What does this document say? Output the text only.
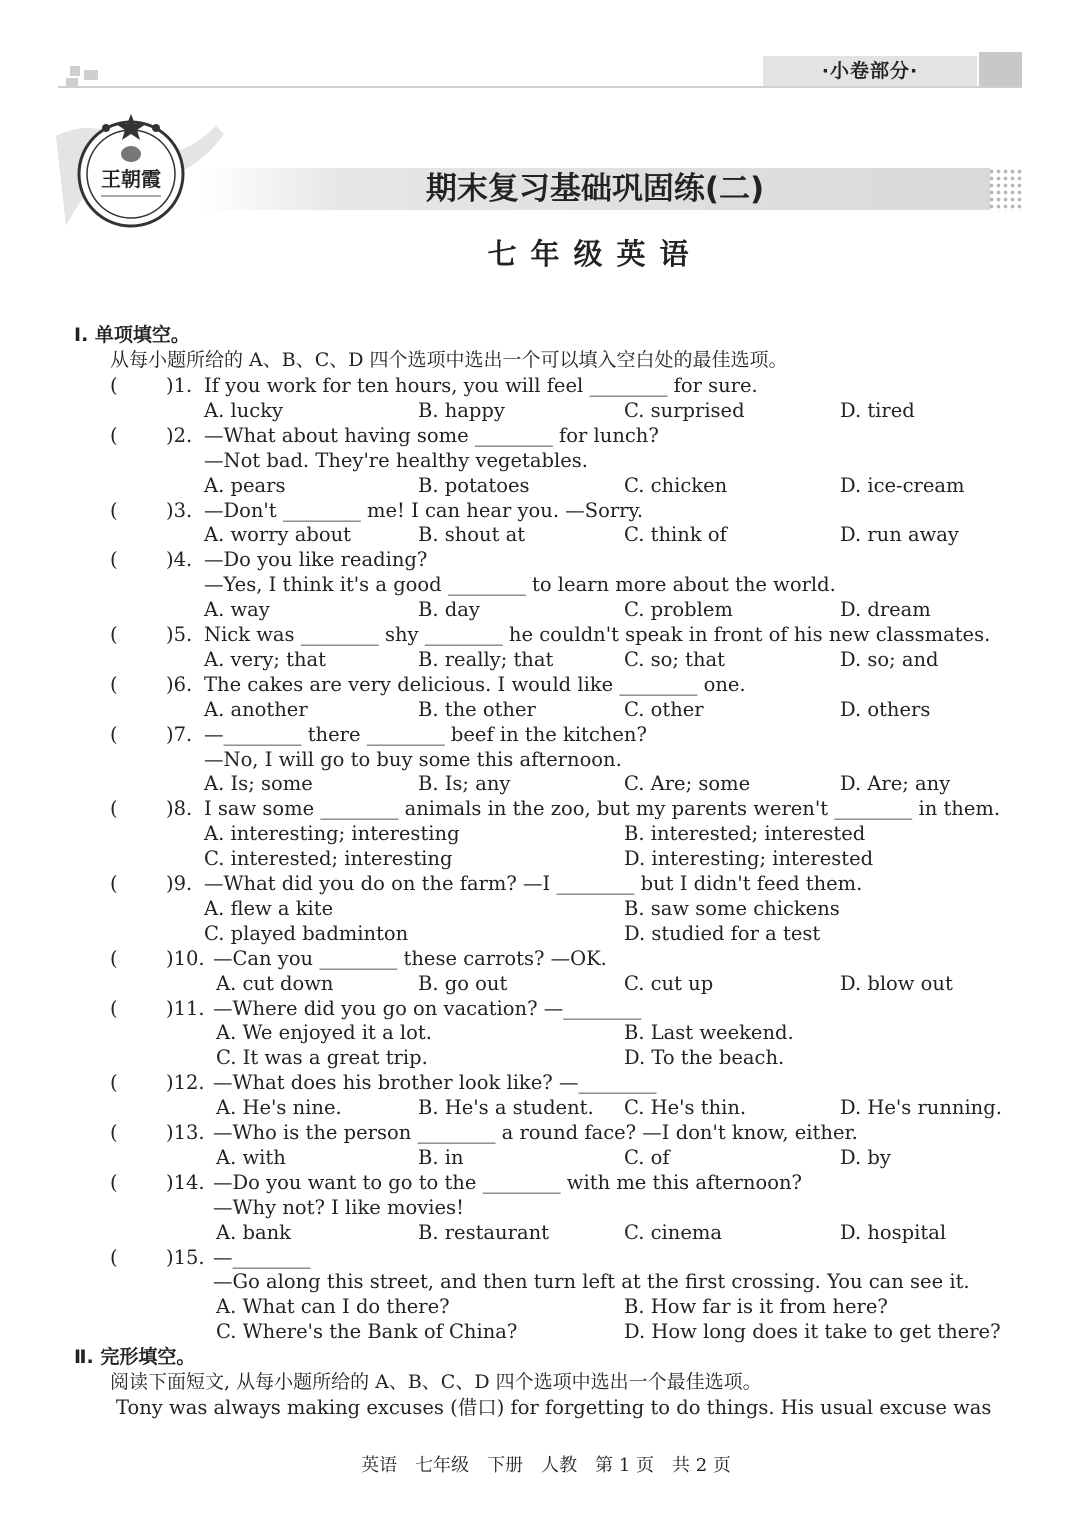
·小卷部分·
王朝霞	期末复习基础巩固练(二)
七年级英语
Ⅰ. 单项填空。
从每小题所给的 A、B、C、D 四个选项中选出一个可以填入空白处的最佳选项。
( )1. If you work for ten hours, you will feel ________ for sure.
A. lucky	B. happy	C. surprised	D. tired
( )2. —What about having some ________ for lunch?
—Not bad. They're healthy vegetables.
A. pears	B. potatoes	C. chicken	D. ice-cream
( )3. —Don't ________ me! I can hear you. —Sorry.
A. worry about	B. shout at	C. think of	D. run away
( )4. —Do you like reading?
—Yes, I think it's a good ________ to learn more about the world.
A. way	B. day	C. problem	D. dream
( )5. Nick was ________ shy ________ he couldn't speak in front of his new classmates.
A. very; that	B. really; that	C. so; that	D. so; and
( )6. The cakes are very delicious. I would like ________ one.
A. another	B. the other	C. other	D. others
( )7. —________ there ________ beef in the kitchen?
—No, I will go to buy some this afternoon.
A. Is; some	B. Is; any	C. Are; some	D. Are; any
( )8. I saw some ________ animals in the zoo, but my parents weren't ________ in them.
A. interesting; interesting	B. interested; interested
C. interested; interesting	D. interesting; interested
( )9. —What did you do on the farm? —I ________ but I didn't feed them.
A. flew a kite	B. saw some chickens
C. played badminton	D. studied for a test
( )10. —Can you ________ these carrots? —OK.
A. cut down	B. go out	C. cut up	D. blow out
( )11. —Where did you go on vacation? —________
A. We enjoyed it a lot.	B. Last weekend.
C. It was a great trip.	D. To the beach.
( )12. —What does his brother look like? —________
A. He's nine.	B. He's a student. C. He's thin.	D. He's running.
( )13. —Who is the person ________ a round face? —I don't know, either.
A. with	B. in	C. of	D. by
( )14. —Do you want to go to the ________ with me this afternoon?
—Why not? I like movies!
A. bank	B. restaurant	C. cinema	D. hospital
( )15. —________
—Go along this street, and then turn left at the first crossing. You can see it.
A. What can I do there?	B. How far is it from here?
C. Where's the Bank of China?	D. How long does it take to get there?
Ⅱ. 完形填空。
阅读下面短文, 从每小题所给的 A、B、C、D 四个选项中选出一个最佳选项。
Tony was always making excuses (借口) for forgetting to do things. His usual excuse was
英语　七年级　下册　人教　第 1 页　共 2 页
